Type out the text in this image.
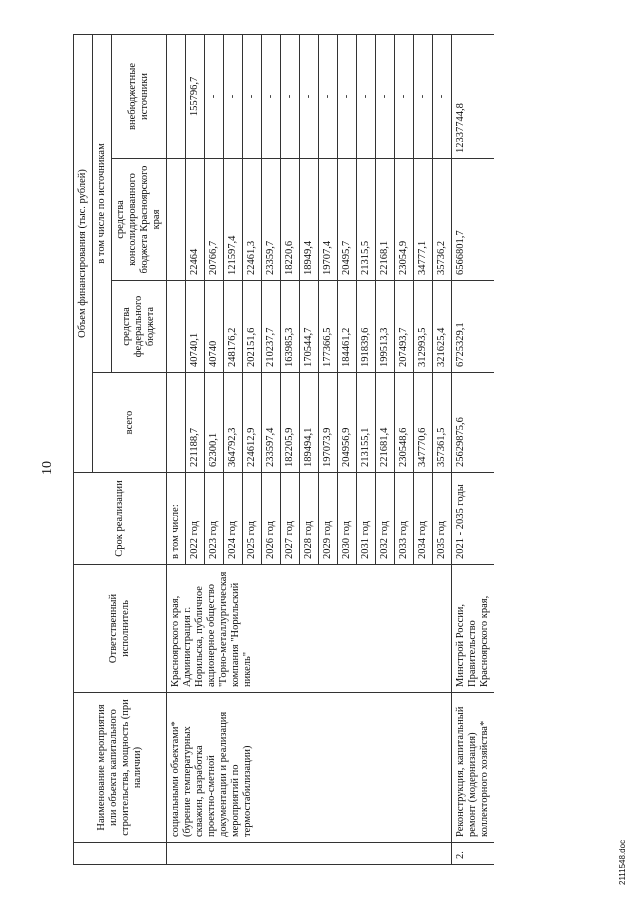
10
	Наименование мероприятия или объекта капитального строительства, мощность (при наличии)	Ответственный исполнитель	Срок реализации	Объем финансирования (тыс. рублей)			
				всего	в том числе по источникам		
					средства федерального бюджета	средства консолидированного бюджета Красноярского края	внебюджетные источники
	социальными объектами* (бурение температурных скважин, разработка проектно-сметной документации и реализация мероприятий по термостабилизации)	Красноярского края, Администрация г. Норильска, публичное акционерное общество "Горно-металлургическая компания "Норильский никель"	в том числе:				
			2022 год	221188,7	40740,1	22464	155796,7
			2023 год	62300,1	40740	20766,7	-
			2024 год	364792,3	248176,2	121597,4	-
			2025 год	224612,9	202151,6	22461,3	-
			2026 год	233597,4	210237,7	23359,7	-
			2027 год	182205,9	163985,3	18220,6	-
			2028 год	189494,1	170544,7	18949,4	-
			2029 год	197073,9	177366,5	19707,4	-
			2030 год	204956,9	184461,2	20495,7	-
			2031 год	213155,1	191839,6	21315,5	-
			2032 год	221681,4	199513,3	22168,1	-
			2033 год	230548,6	207493,7	23054,9	-
			2034 год	347770,6	312993,5	34777,1	-
			2035 год	357361,5	321625,4	35736,2	-
2.	Реконструкция, капитальный ремонт (модернизация) коллекторного хозяйства*	Минстрой России, Правительство Красноярского края,	2021 - 2035 годы	25629875,6	6725329,1	6566801,7	12337744,8
2111548.doc
